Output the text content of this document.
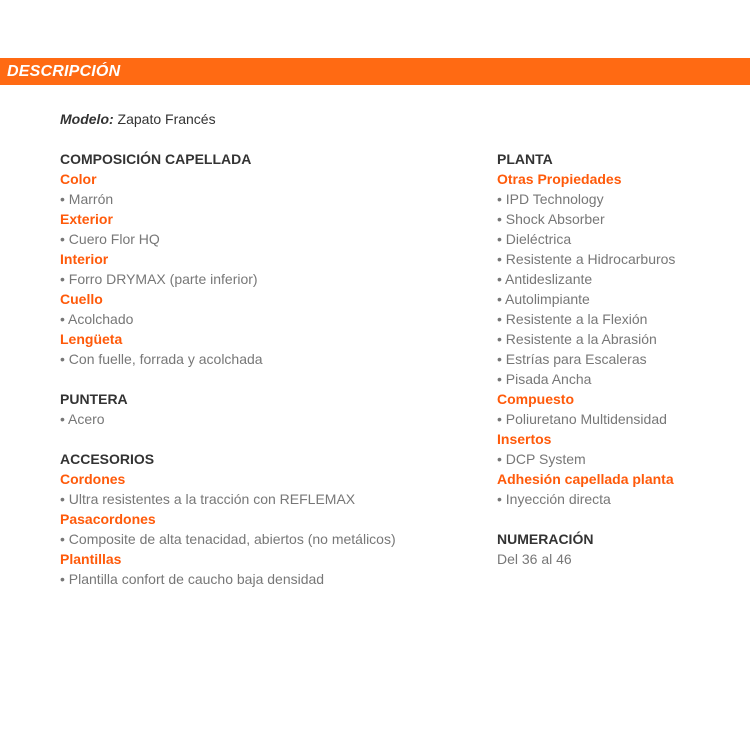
DESCRIPCIÓN
Modelo: Zapato Francés
COMPOSICIÓN CAPELLADA
Color
• Marrón
Exterior
• Cuero Flor HQ
Interior
• Forro DRYMAX (parte inferior)
Cuello
• Acolchado
Lengüeta
• Con fuelle, forrada y acolchada
PUNTERA
• Acero
ACCESORIOS
Cordones
• Ultra resistentes a la tracción con REFLEMAX
Pasacordones
• Composite de alta tenacidad, abiertos (no metálicos)
Plantillas
• Plantilla confort de caucho baja densidad
PLANTA
Otras Propiedades
• IPD Technology
• Shock Absorber
• Dieléctrica
• Resistente a Hidrocarburos
• Antideslizante
• Autolimpiante
• Resistente a la Flexión
• Resistente a la Abrasión
• Estrías para Escaleras
• Pisada Ancha
Compuesto
• Poliuretano Multidensidad
Insertos
• DCP System
Adhesión capellada planta
• Inyección directa
NUMERACIÓN
Del 36 al 46
